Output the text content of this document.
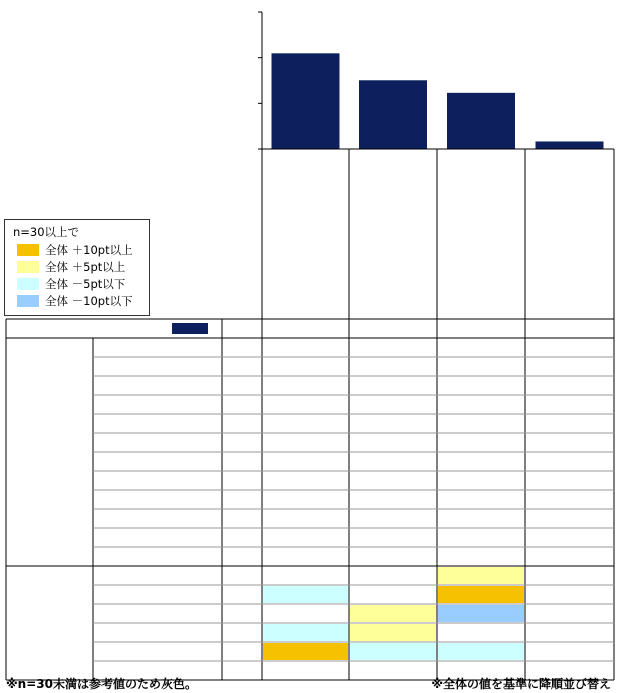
n=30以上で
全体 ＋10pt以上
全体 ＋5pt以上
全体 －5pt以下
全体 －10pt以下
※n=30未満は参考値のため灰色。	※全体の値を基準に降順並び替え
